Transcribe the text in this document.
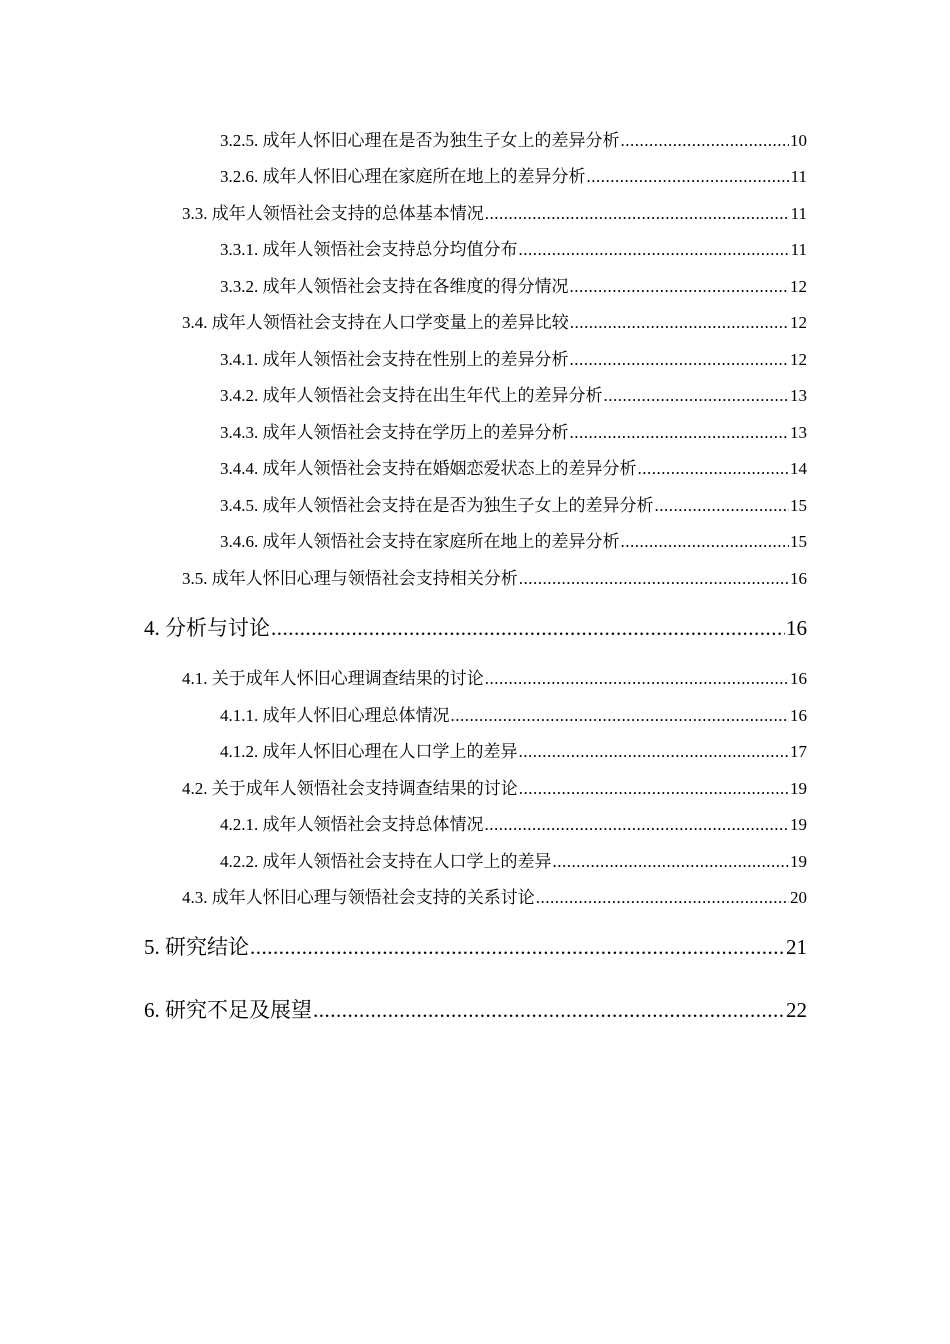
3.2.5. 成年人怀旧心理在是否为独生子女上的差异分析 .....	10
3.2.6. 成年人怀旧心理在家庭所在地上的差异分析 .....	11
3.3. 成年人领悟社会支持的总体基本情况 .....	11
3.3.1. 成年人领悟社会支持总分均值分布 .....	11
3.3.2. 成年人领悟社会支持在各维度的得分情况 .....	12
3.4. 成年人领悟社会支持在人口学变量上的差异比较 .....	12
3.4.1. 成年人领悟社会支持在性别上的差异分析 .....	12
3.4.2. 成年人领悟社会支持在出生年代上的差异分析 .....	13
3.4.3. 成年人领悟社会支持在学历上的差异分析 .....	13
3.4.4. 成年人领悟社会支持在婚姻恋爱状态上的差异分析 .....	14
3.4.5. 成年人领悟社会支持在是否为独生子女上的差异分析 .....	15
3.4.6. 成年人领悟社会支持在家庭所在地上的差异分析 .....	15
3.5. 成年人怀旧心理与领悟社会支持相关分析 .....	16
4. 分析与讨论 .....	16
4.1. 关于成年人怀旧心理调查结果的讨论 .....	16
4.1.1. 成年人怀旧心理总体情况 .....	16
4.1.2. 成年人怀旧心理在人口学上的差异 .....	17
4.2. 关于成年人领悟社会支持调查结果的讨论 .....	19
4.2.1. 成年人领悟社会支持总体情况 .....	19
4.2.2. 成年人领悟社会支持在人口学上的差异 .....	19
4.3. 成年人怀旧心理与领悟社会支持的关系讨论 .....	20
5. 研究结论 .....	21
6. 研究不足及展望 .....	22
